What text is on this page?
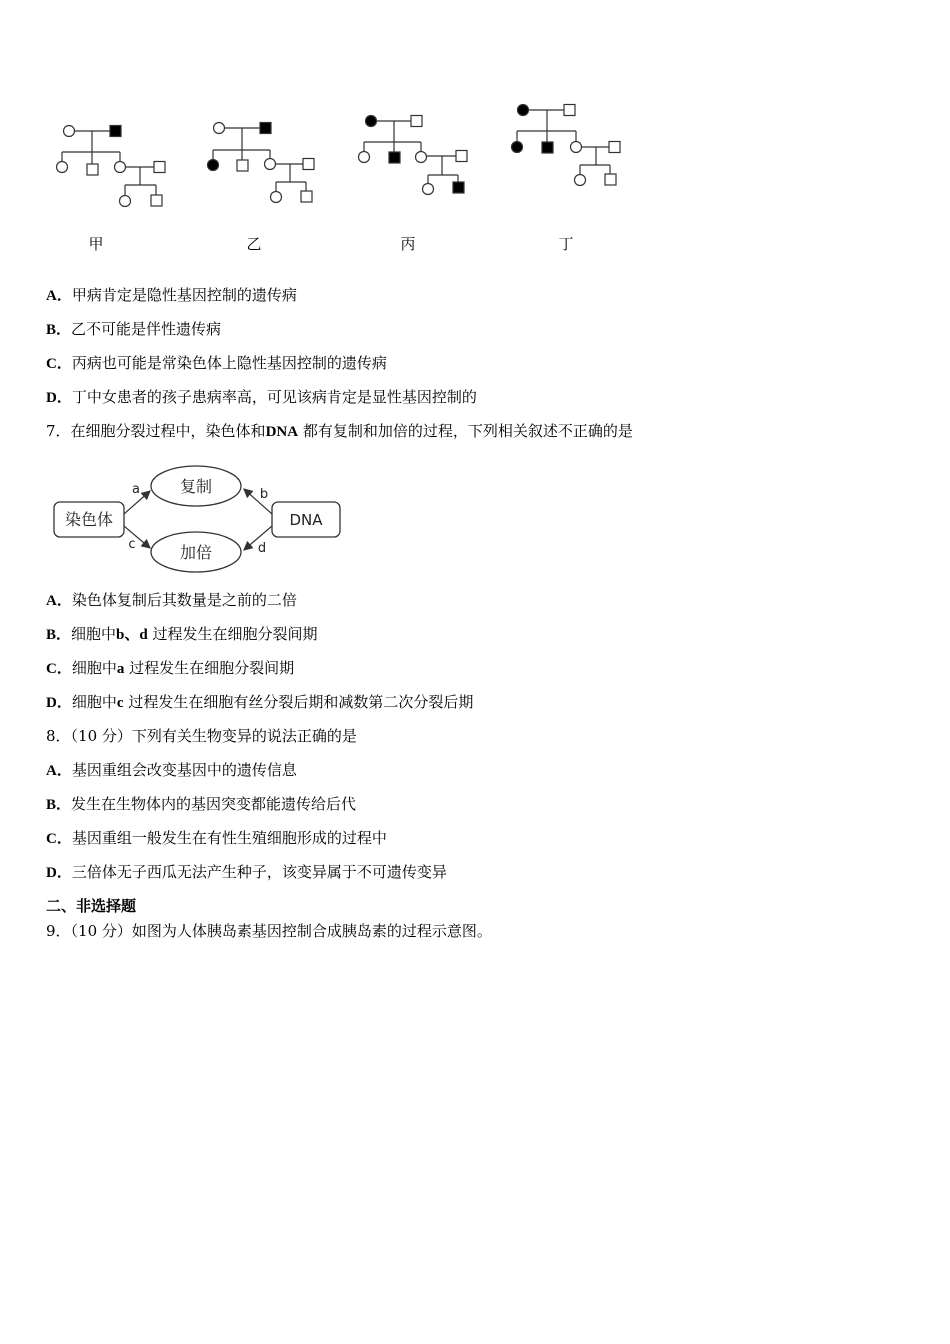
甲	乙	丙	丁
A．甲病肯定是隐性基因控制的遗传病
B．乙不可能是伴性遗传病
C．丙病也可能是常染色体上隐性基因控制的遗传病
D．丁中女患者的孩子患病率高，可见该病肯定是显性基因控制的
7．在细胞分裂过程中，染色体和DNA 都有复制和加倍的过程，下列相关叙述不正确的是
染色体	DNA
复制
加倍
a	b
c	d
A．染色体复制后其数量是之前的二倍
B．细胞中b、d 过程发生在细胞分裂间期
C．细胞中a 过程发生在细胞分裂间期
D．细胞中c 过程发生在细胞有丝分裂后期和减数第二次分裂后期
8．（10 分）下列有关生物变异的说法正确的是
A．基因重组会改变基因中的遗传信息
B．发生在生物体内的基因突变都能遗传给后代
C．基因重组一般发生在有性生殖细胞形成的过程中
D．三倍体无子西瓜无法产生种子，该变异属于不可遗传变异
二、非选择题
9．（10 分）如图为人体胰岛素基因控制合成胰岛素的过程示意图。
